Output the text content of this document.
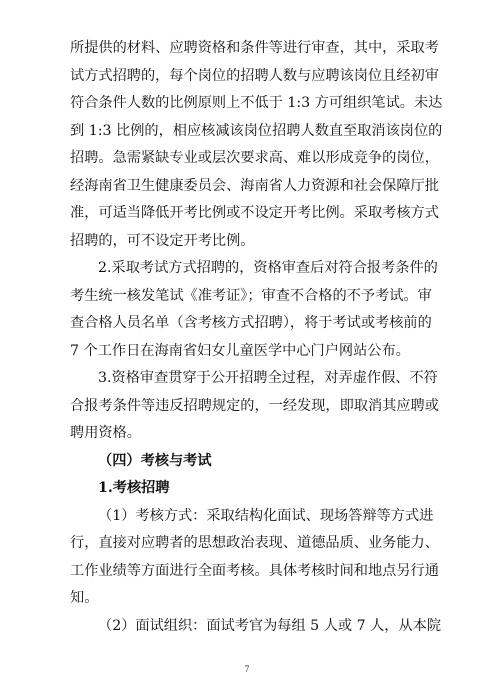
所提供的材料、应聘资格和条件等进行审查，其中，采取考
试方式招聘的，每个岗位的招聘人数与应聘该岗位且经初审
符合条件人数的比例原则上不低于 1:3 方可组织笔试。未达
到 1:3 比例的，相应核减该岗位招聘人数直至取消该岗位的
招聘。急需紧缺专业或层次要求高、难以形成竞争的岗位，
经海南省卫生健康委员会、海南省人力资源和社会保障厅批
准，可适当降低开考比例或不设定开考比例。采取考核方式
招聘的，可不设定开考比例。
2.采取考试方式招聘的，资格审查后对符合报考条件的
考生统一核发笔试《准考证》；审查不合格的不予考试。审
查合格人员名单（含考核方式招聘），将于考试或考核前的
7 个工作日在海南省妇女儿童医学中心门户网站公布。
3.资格审查贯穿于公开招聘全过程，对弄虚作假、不符
合报考条件等违反招聘规定的，一经发现，即取消其应聘或
聘用资格。
（四）考核与考试
1.考核招聘
（1）考核方式：采取结构化面试、现场答辩等方式进
行，直接对应聘者的思想政治表现、道德品质、业务能力、
工作业绩等方面进行全面考核。具体考核时间和地点另行通
知。
（2）面试组织：面试考官为每组 5 人或 7 人，从本院
7
